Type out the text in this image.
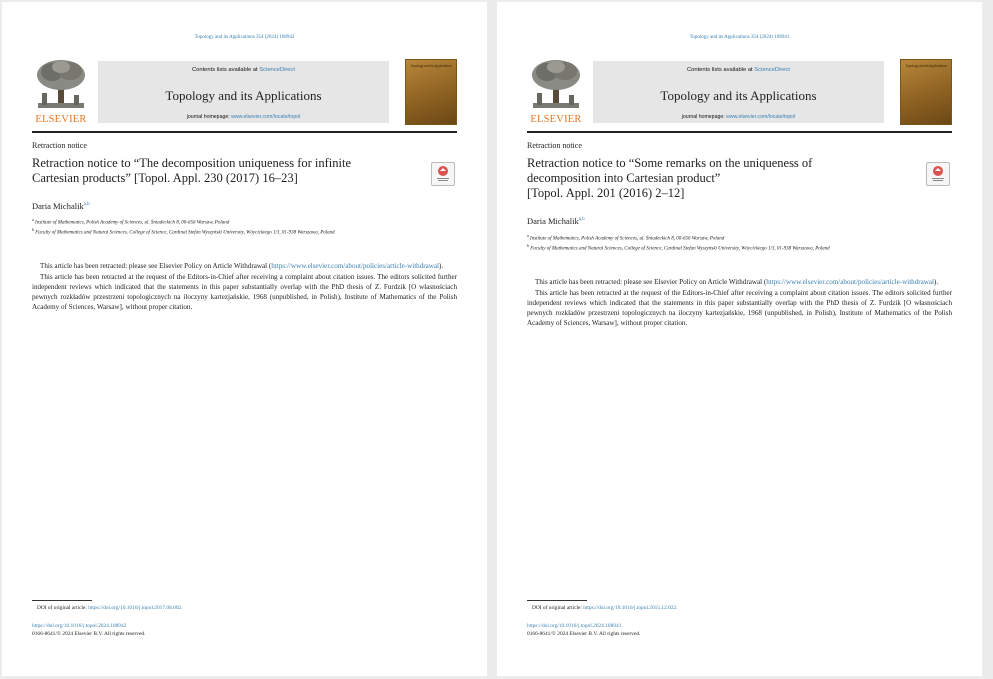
Topology and its Applications 354 (2024) 108942
ELSEVIER
Contents lists available at ScienceDirect
Topology and its Applications
journal homepage: www.elsevier.com/locate/topol
Topology and its Applications
Retraction notice
Retraction notice to “The decomposition uniqueness for infinite
Cartesian products” [Topol. Appl. 230 (2017) 16–23]
Daria Michalik$^{a,b}$
$^a$ Institute of Mathematics, Polish Academy of Sciences, ul. Śniadeckich 8, 00-656 Warsaw, Poland
$^b$ Faculty of Mathematics and Natural Sciences. College of Science, Cardinal Stefan Wyszyński University, Wóycickiego 1/3, 01-938 Warszawa, Poland

This article has been retracted: please see Elsevier Policy on Article Withdrawal (https://www.elsevier.com/about/policies/article-withdrawal).

This article has been retracted at the request of the Editors-in-Chief after receiving a complaint about citation issues. The editors solicited further independent reviews which indicated that the statements in this paper substantially overlap with the PhD thesis of Z. Furdzik [O własnościach pewnych rozkładów przestrzeni topologicznych na iloczyny kartezjańskie, 1968 (unpublished, in Polish), Institute of Mathematics of the Polish Academy of Sciences, Warsaw], without proper citation.

DOI of original article: https://doi.org/10.1016/j.topol.2017.08.002.
https://doi.org/10.1016/j.topol.2024.108942
0166-8641/© 2024 Elsevier B.V. All rights reserved.
Topology and its Applications 354 (2024) 108941
ELSEVIER
Contents lists available at ScienceDirect
Topology and its Applications
journal homepage: www.elsevier.com/locate/topol
Topology and its Applications
Retraction notice
Retraction notice to “Some remarks on the uniqueness of
decomposition into Cartesian product”
[Topol. Appl. 201 (2016) 2–12]
Daria Michalik$^{a,b}$
$^a$ Institute of Mathematics, Polish Academy of Sciences, ul. Śniadeckich 8, 00-656 Warsaw, Poland
$^b$ Faculty of Mathematics and Natural Sciences, College of Science, Cardinal Stefan Wyszyński University, Wóycickiego 1/3, 01-938 Warszawa, Poland

This article has been retracted: please see Elsevier Policy on Article Withdrawal (https://www.elsevier.com/about/policies/article-withdrawal).

This article has been retracted at the request of the Editors-in-Chief after receiving a complaint about citation issues. The editors solicited further independent reviews which indicated that the statements in this paper substantially overlap with the PhD thesis of Z. Furdzik [O własnościach pewnych rozkładów przestrzeni topologicznych na iloczyny kartezjańskie, 1968 (unpublished, in Polish), Institute of Mathematics of the Polish Academy of Sciences, Warsaw], without proper citation.

DOI of original article: https://doi.org/10.1016/j.topol.2015.12.022.
https://doi.org/10.1016/j.topol.2024.108941
0166-8641/© 2024 Elsevier B.V. All rights reserved.
